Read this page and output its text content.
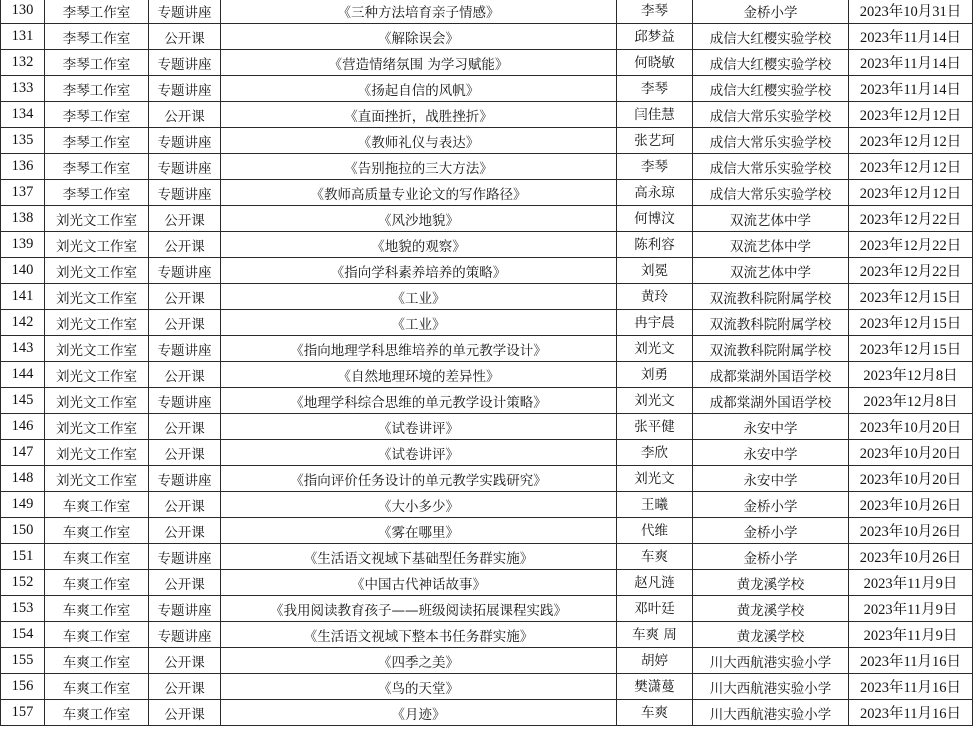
130	李琴工作室	专题讲座	《三种方法培育亲子情感》	李琴	金桥小学	2023年10月31日
131	李琴工作室	公开课	《解除误会》	邱梦益	成信大红樱实验学校	2023年11月14日
132	李琴工作室	专题讲座	《营造情绪氛围 为学习赋能》	何晓敏	成信大红樱实验学校	2023年11月14日
133	李琴工作室	专题讲座	《扬起自信的风帆》	李琴	成信大红樱实验学校	2023年11月14日
134	李琴工作室	公开课	《直面挫折，战胜挫折》	闫佳慧	成信大常乐实验学校	2023年12月12日
135	李琴工作室	专题讲座	《教师礼仪与表达》	张艺珂	成信大常乐实验学校	2023年12月12日
136	李琴工作室	专题讲座	《告别拖拉的三大方法》	李琴	成信大常乐实验学校	2023年12月12日
137	李琴工作室	专题讲座	《教师高质量专业论文的写作路径》	高永琼	成信大常乐实验学校	2023年12月12日
138	刘光文工作室	公开课	《风沙地貌》	何博汶	双流艺体中学	2023年12月22日
139	刘光文工作室	公开课	《地貌的观察》	陈利容	双流艺体中学	2023年12月22日
140	刘光文工作室	专题讲座	《指向学科素养培养的策略》	刘冕	双流艺体中学	2023年12月22日
141	刘光文工作室	公开课	《工业》	黄玲	双流教科院附属学校	2023年12月15日
142	刘光文工作室	公开课	《工业》	冉宇晨	双流教科院附属学校	2023年12月15日
143	刘光文工作室	专题讲座	《指向地理学科思维培养的单元教学设计》	刘光文	双流教科院附属学校	2023年12月15日
144	刘光文工作室	公开课	《自然地理环境的差异性》	刘勇	成都棠湖外国语学校	2023年12月8日
145	刘光文工作室	专题讲座	《地理学科综合思维的单元教学设计策略》	刘光文	成都棠湖外国语学校	2023年12月8日
146	刘光文工作室	公开课	《试卷讲评》	张平健	永安中学	2023年10月20日
147	刘光文工作室	公开课	《试卷讲评》	李欣	永安中学	2023年10月20日
148	刘光文工作室	专题讲座	《指向评价任务设计的单元教学实践研究》	刘光文	永安中学	2023年10月20日
149	车爽工作室	公开课	《大小多少》	王曦	金桥小学	2023年10月26日
150	车爽工作室	公开课	《雾在哪里》	代维	金桥小学	2023年10月26日
151	车爽工作室	专题讲座	《生活语文视域下基础型任务群实施》	车爽	金桥小学	2023年10月26日
152	车爽工作室	公开课	《中国古代神话故事》	赵凡涟	黄龙溪学校	2023年11月9日
153	车爽工作室	专题讲座	《我用阅读教育孩子——班级阅读拓展课程实践》	邓叶廷	黄龙溪学校	2023年11月9日
154	车爽工作室	专题讲座	《生活语文视域下整本书任务群实施》	车爽 周	黄龙溪学校	2023年11月9日
155	车爽工作室	公开课	《四季之美》	胡婷	川大西航港实验小学	2023年11月16日
156	车爽工作室	公开课	《鸟的天堂》	樊潇蔓	川大西航港实验小学	2023年11月16日
157	车爽工作室	公开课	《月迹》	车爽	川大西航港实验小学	2023年11月16日
